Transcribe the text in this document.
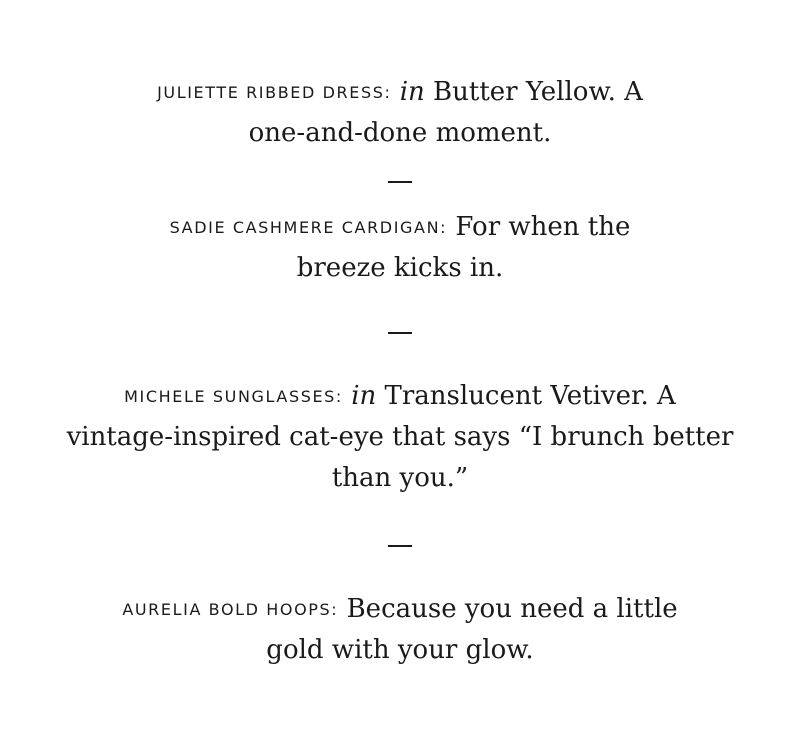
JULIETTE RIBBED DRESS: in Butter Yellow. A
one-and-done moment.
SADIE CASHMERE CARDIGAN: For when the
breeze kicks in.
MICHELE SUNGLASSES: in Translucent Vetiver. A
vintage-inspired cat-eye that says “I brunch better
than you.”
AURELIA BOLD HOOPS: Because you need a little
gold with your glow.
